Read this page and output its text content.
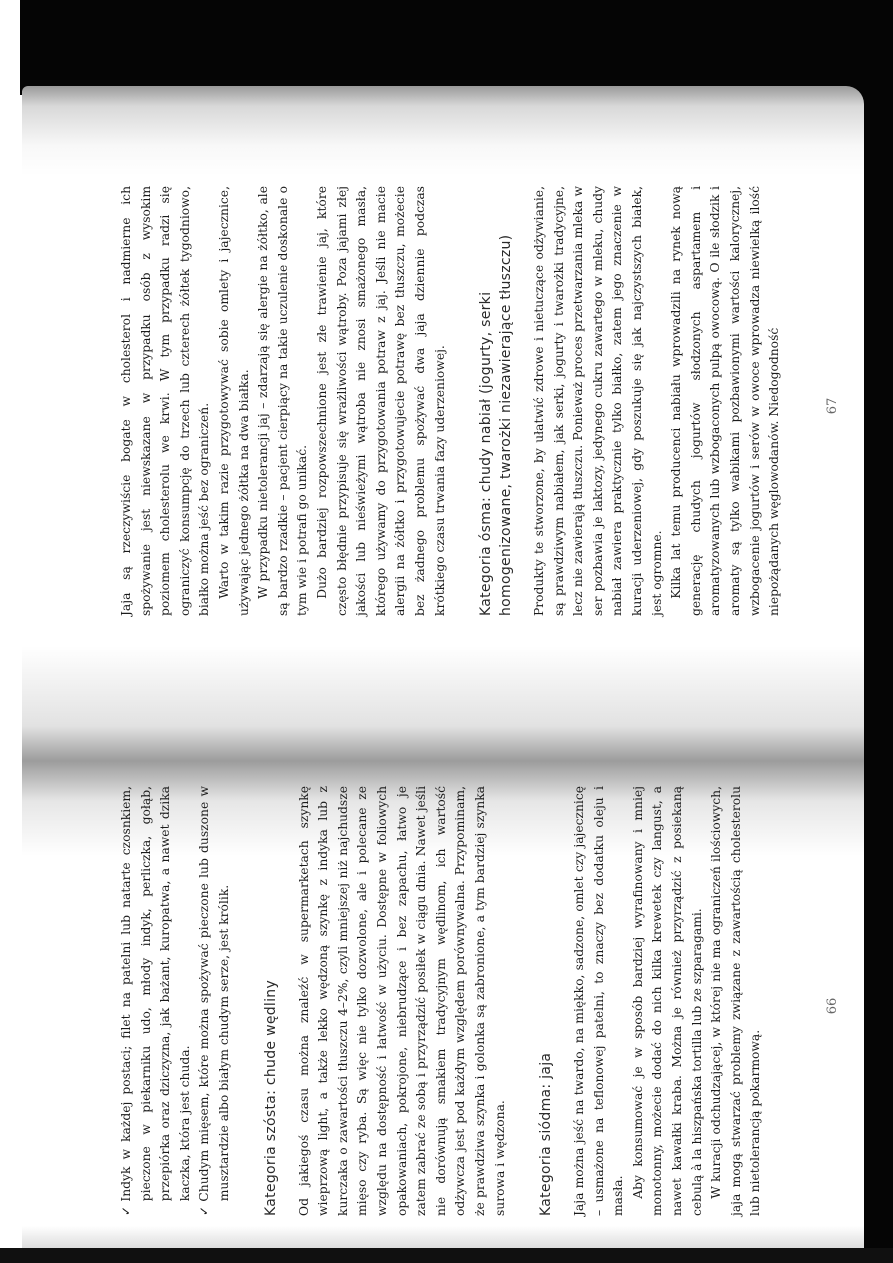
✓Indyk w każdej postaci; filet na patelni lub natarte czosnkiem, pieczone w piekarniku udo, młody indyk, perliczka, gołąb, przepiórka oraz dziczyzna, jak bażant, kuropatwa, a nawet dzika kaczka, która jest chuda.

✓Chudym mięsem, które można spożywać pieczone lub duszone w musztardzie albo białym chudym serze, jest królik. Kategoria szósta: chude wędliny Od jakiegoś czasu można znaleźć w supermarketach szynkę wieprzową light, a także lekko wędzoną szynkę z indyka lub z kurczaka o zawartości tłuszczu 4–2%, czyli mniejszej niż najchudsze mięso czy ryba. Są więc nie tylko dozwolone, ale i polecane ze względu na dostępność i łatwość w użyciu. Dostępne w foliowych opakowaniach, pokrojone, niebrudzące i bez zapachu, łatwo je zatem zabrać ze sobą i przyrządzić posiłek w ciągu dnia. Nawet jeśli nie dorównują smakiem tradycyjnym wędlinom, ich wartość odżywcza jest pod każdym względem porównywalna. Przypominam, że prawdziwa szynka i golonka są zabronione, a tym bardziej szynka surowa i wędzona. Kategoria siódma: jaja Jaja można jeść na twardo, na miękko, sadzone, omlet czy jajecznicę – usmażone na teflonowej patelni, to znaczy bez dodatku oleju i masła. Aby konsumować je w sposób bardziej wyrafinowany i mniej monotonny, możecie dodać do nich kilka krewetek czy langust, a nawet kawałki kraba. Można je również przyrządzić z posiekaną cebulą à la hiszpańska tortilla lub ze szparagami. W kuracji odchudzającej, w której nie ma ograniczeń ilościowych, jaja mogą stwarzać problemy związane z zawartością cholesterolu lub nietolerancją pokarmową.

66

Jaja są rzeczywiście bogate w cholesterol i nadmierne ich spożywanie jest niewskazane w przypadku osób z wysokim poziomem cholesterolu we krwi. W tym przypadku radzi się ograniczyć konsumpcję do trzech lub czterech żółtek tygodniowo, białko można jeść bez ograniczeń. Warto w takim razie przygotowywać sobie omlety i jajecznice, używając jednego żółtka na dwa białka. W przypadku nietolerancji jaj – zdarzają się alergie na żółtko, ale są bardzo rzadkie – pacjent cierpiący na takie uczulenie doskonale o tym wie i potrafi go unikać. Dużo bardziej rozpowszechnione jest złe trawienie jaj, które często błędnie przypisuje się wrażliwości wątroby. Poza jajami złej jakości lub nieświeżymi wątroba nie znosi smażonego masła, którego używamy do przygotowania potraw z jaj. Jeśli nie macie alergii na żółtko i przygotowujecie potrawę bez tłuszczu, możecie bez żadnego problemu spożywać dwa jaja dziennie podczas krótkiego czasu trwania fazy uderzeniowej. Kategoria ósma: chudy nabiał (jogurty, serki homogenizowane, twarożki niezawierające tłuszczu) Produkty te stworzone, by ułatwić zdrowe i nietuczące odżywianie, są prawdziwym nabiałem, jak serki, jogurty i twarożki tradycyjne, lecz nie zawierają tłuszczu. Ponieważ proces przetwarzania mleka w ser pozbawia je laktozy, jedynego cukru zawartego w mleku, chudy nabiał zawiera praktycznie tylko białko, zatem jego znaczenie w kuracji uderzeniowej, gdy poszukuje się jak najczystszych białek, jest ogromne. Kilka lat temu producenci nabiału wprowadzili na rynek nową generację chudych jogurtów słodzonych aspartamem i aromatyzowanych lub wzbogaconych pulpą owocową. O ile słodzik i aromaty są tylko wabikami pozbawionymi wartości kalorycznej, wzbogacenie jogurtów i serów w owoce wprowadza niewielką ilość niepożądanych węglowodanów. Niedogodność	67
